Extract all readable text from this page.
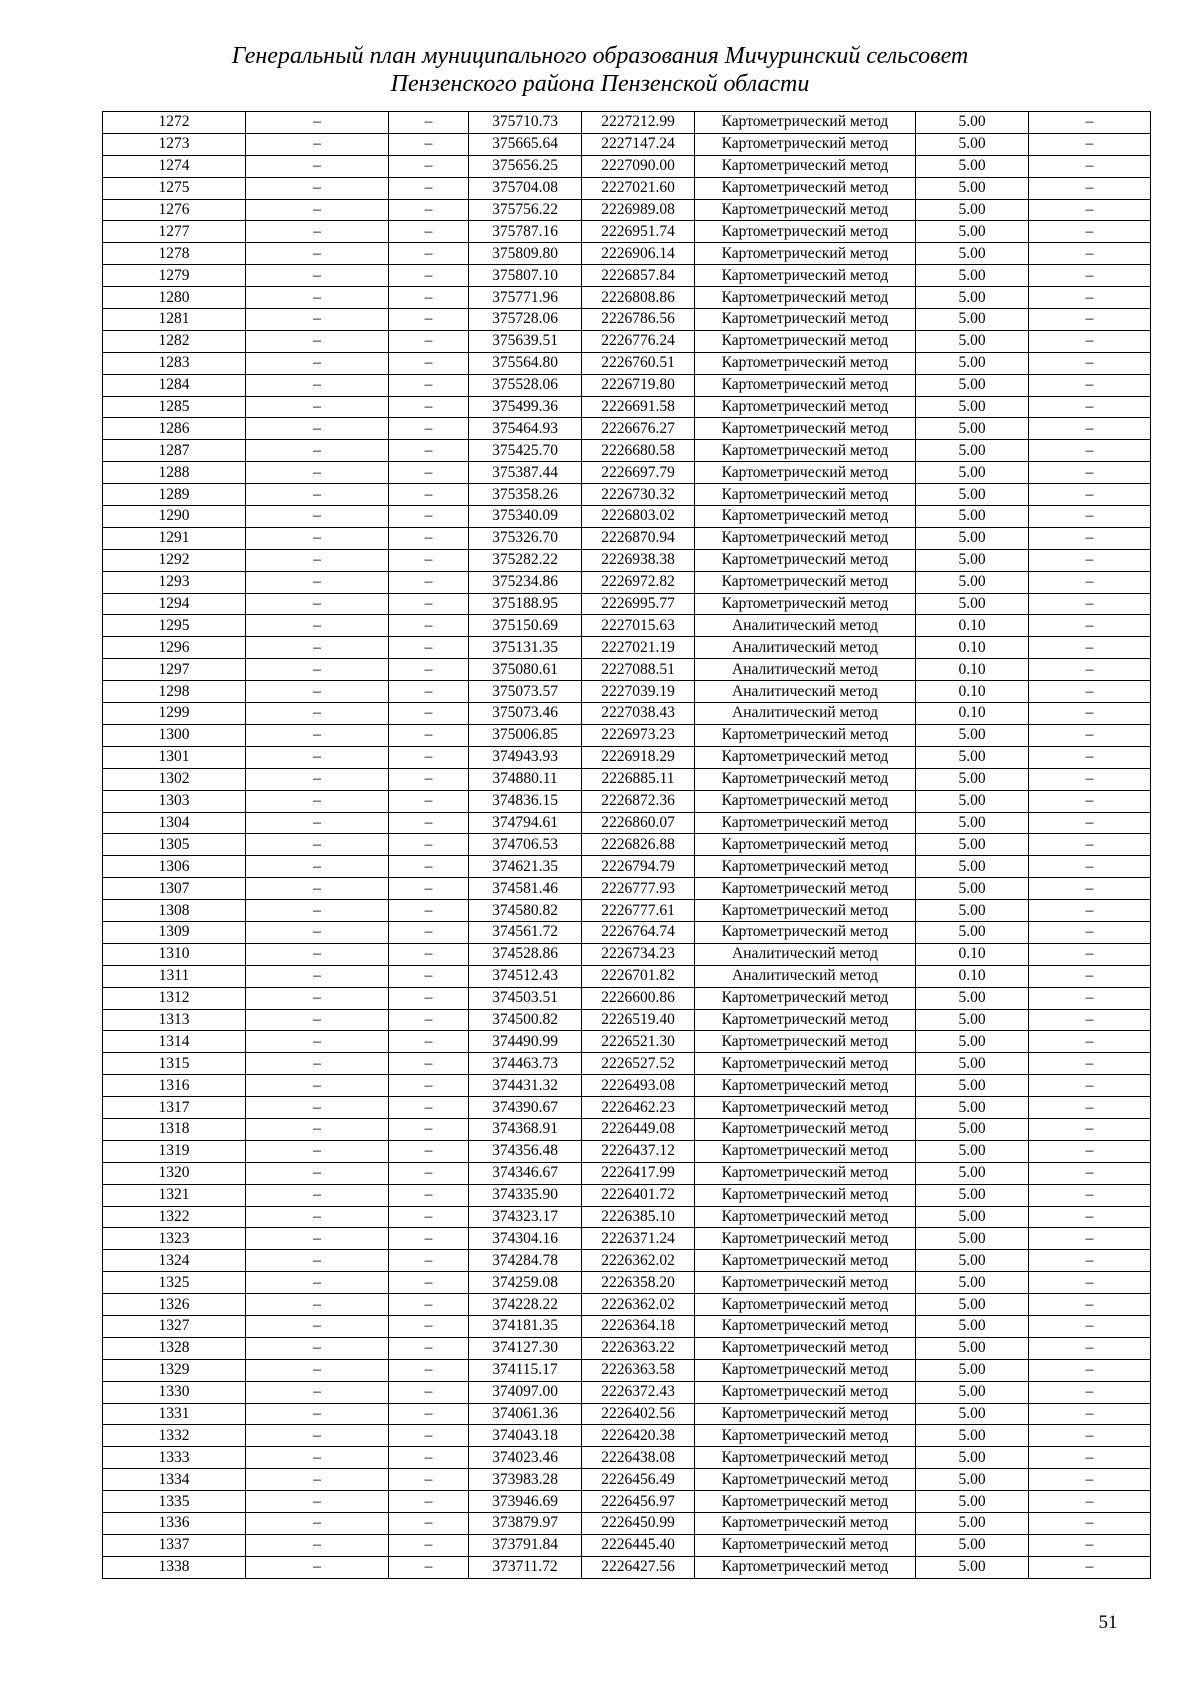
Генеральный план муниципального образования Мичуринский сельсовет
Пензенского района Пензенской области
1272	–	–	375710.73	2227212.99	Картометрический метод	5.00	–
1273	–	–	375665.64	2227147.24	Картометрический метод	5.00	–
1274	–	–	375656.25	2227090.00	Картометрический метод	5.00	–
1275	–	–	375704.08	2227021.60	Картометрический метод	5.00	–
1276	–	–	375756.22	2226989.08	Картометрический метод	5.00	–
1277	–	–	375787.16	2226951.74	Картометрический метод	5.00	–
1278	–	–	375809.80	2226906.14	Картометрический метод	5.00	–
1279	–	–	375807.10	2226857.84	Картометрический метод	5.00	–
1280	–	–	375771.96	2226808.86	Картометрический метод	5.00	–
1281	–	–	375728.06	2226786.56	Картометрический метод	5.00	–
1282	–	–	375639.51	2226776.24	Картометрический метод	5.00	–
1283	–	–	375564.80	2226760.51	Картометрический метод	5.00	–
1284	–	–	375528.06	2226719.80	Картометрический метод	5.00	–
1285	–	–	375499.36	2226691.58	Картометрический метод	5.00	–
1286	–	–	375464.93	2226676.27	Картометрический метод	5.00	–
1287	–	–	375425.70	2226680.58	Картометрический метод	5.00	–
1288	–	–	375387.44	2226697.79	Картометрический метод	5.00	–
1289	–	–	375358.26	2226730.32	Картометрический метод	5.00	–
1290	–	–	375340.09	2226803.02	Картометрический метод	5.00	–
1291	–	–	375326.70	2226870.94	Картометрический метод	5.00	–
1292	–	–	375282.22	2226938.38	Картометрический метод	5.00	–
1293	–	–	375234.86	2226972.82	Картометрический метод	5.00	–
1294	–	–	375188.95	2226995.77	Картометрический метод	5.00	–
1295	–	–	375150.69	2227015.63	Аналитический метод	0.10	–
1296	–	–	375131.35	2227021.19	Аналитический метод	0.10	–
1297	–	–	375080.61	2227088.51	Аналитический метод	0.10	–
1298	–	–	375073.57	2227039.19	Аналитический метод	0.10	–
1299	–	–	375073.46	2227038.43	Аналитический метод	0.10	–
1300	–	–	375006.85	2226973.23	Картометрический метод	5.00	–
1301	–	–	374943.93	2226918.29	Картометрический метод	5.00	–
1302	–	–	374880.11	2226885.11	Картометрический метод	5.00	–
1303	–	–	374836.15	2226872.36	Картометрический метод	5.00	–
1304	–	–	374794.61	2226860.07	Картометрический метод	5.00	–
1305	–	–	374706.53	2226826.88	Картометрический метод	5.00	–
1306	–	–	374621.35	2226794.79	Картометрический метод	5.00	–
1307	–	–	374581.46	2226777.93	Картометрический метод	5.00	–
1308	–	–	374580.82	2226777.61	Картометрический метод	5.00	–
1309	–	–	374561.72	2226764.74	Картометрический метод	5.00	–
1310	–	–	374528.86	2226734.23	Аналитический метод	0.10	–
1311	–	–	374512.43	2226701.82	Аналитический метод	0.10	–
1312	–	–	374503.51	2226600.86	Картометрический метод	5.00	–
1313	–	–	374500.82	2226519.40	Картометрический метод	5.00	–
1314	–	–	374490.99	2226521.30	Картометрический метод	5.00	–
1315	–	–	374463.73	2226527.52	Картометрический метод	5.00	–
1316	–	–	374431.32	2226493.08	Картометрический метод	5.00	–
1317	–	–	374390.67	2226462.23	Картометрический метод	5.00	–
1318	–	–	374368.91	2226449.08	Картометрический метод	5.00	–
1319	–	–	374356.48	2226437.12	Картометрический метод	5.00	–
1320	–	–	374346.67	2226417.99	Картометрический метод	5.00	–
1321	–	–	374335.90	2226401.72	Картометрический метод	5.00	–
1322	–	–	374323.17	2226385.10	Картометрический метод	5.00	–
1323	–	–	374304.16	2226371.24	Картометрический метод	5.00	–
1324	–	–	374284.78	2226362.02	Картометрический метод	5.00	–
1325	–	–	374259.08	2226358.20	Картометрический метод	5.00	–
1326	–	–	374228.22	2226362.02	Картометрический метод	5.00	–
1327	–	–	374181.35	2226364.18	Картометрический метод	5.00	–
1328	–	–	374127.30	2226363.22	Картометрический метод	5.00	–
1329	–	–	374115.17	2226363.58	Картометрический метод	5.00	–
1330	–	–	374097.00	2226372.43	Картометрический метод	5.00	–
1331	–	–	374061.36	2226402.56	Картометрический метод	5.00	–
1332	–	–	374043.18	2226420.38	Картометрический метод	5.00	–
1333	–	–	374023.46	2226438.08	Картометрический метод	5.00	–
1334	–	–	373983.28	2226456.49	Картометрический метод	5.00	–
1335	–	–	373946.69	2226456.97	Картометрический метод	5.00	–
1336	–	–	373879.97	2226450.99	Картометрический метод	5.00	–
1337	–	–	373791.84	2226445.40	Картометрический метод	5.00	–
1338	–	–	373711.72	2226427.56	Картометрический метод	5.00	–
51
